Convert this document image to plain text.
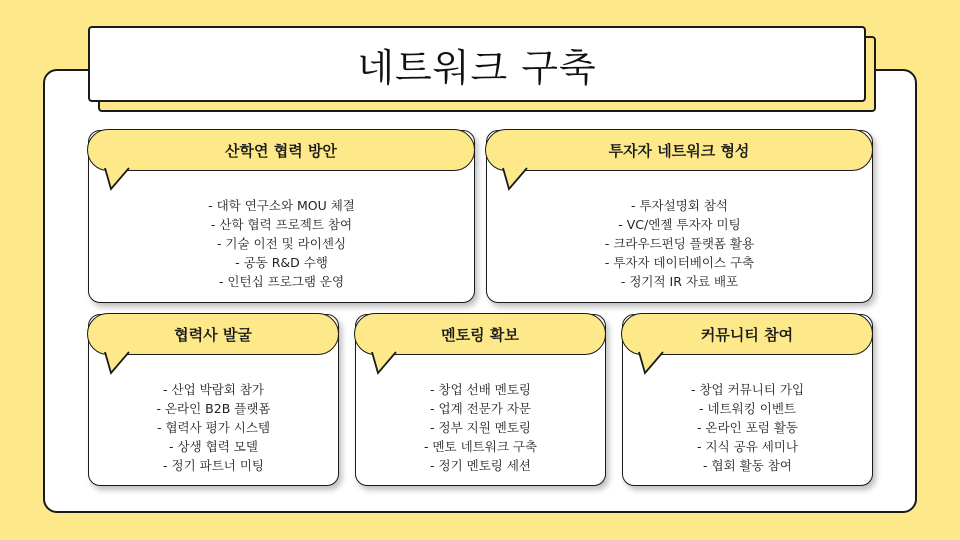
네트워크 구축
산학연 협력 방안
- 대학 연구소와 MOU 체결
- 산학 협력 프로젝트 참여
- 기술 이전 및 라이센싱
- 공동 R&D 수행
- 인턴십 프로그램 운영
투자자 네트워크 형성
- 투자설명회 참석
- VC/엔젤 투자자 미팅
- 크라우드펀딩 플랫폼 활용
- 투자자 데이터베이스 구축
- 정기적 IR 자료 배포
협력사 발굴
- 산업 박람회 참가
- 온라인 B2B 플랫폼
- 협력사 평가 시스템
- 상생 협력 모델
- 정기 파트너 미팅
멘토링 확보
- 창업 선배 멘토링
- 업계 전문가 자문
- 정부 지원 멘토링
- 멘토 네트워크 구축
- 정기 멘토링 세션
커뮤니티 참여
- 창업 커뮤니티 가입
- 네트워킹 이벤트
- 온라인 포럼 활동
- 지식 공유 세미나
- 협회 활동 참여
